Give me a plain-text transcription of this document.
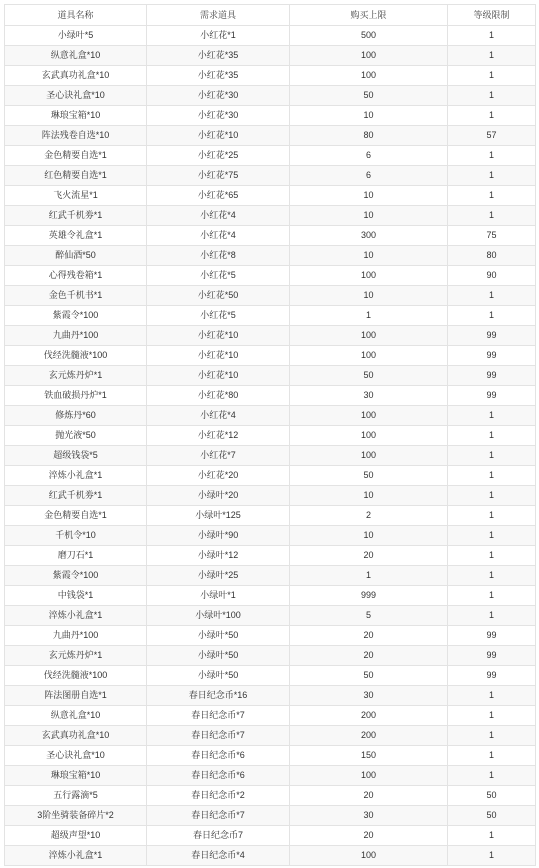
道具名称	需求道具	购买上限	等级限制
小绿叶*5	小红花*1	500	1
纵意礼盒*10	小红花*35	100	1
玄武真功礼盒*10	小红花*35	100	1
圣心诀礼盒*10	小红花*30	50	1
琳琅宝箱*10	小红花*30	10	1
阵法残卷自选*10	小红花*10	80	57
金色精要自选*1	小红花*25	6	1
红色精要自选*1	小红花*75	6	1
飞火流星*1	小红花*65	10	1
红武千机劵*1	小红花*4	10	1
英雄令礼盒*1	小红花*4	300	75
醉仙酒*50	小红花*8	10	80
心得残卷箱*1	小红花*5	100	90
金色千机书*1	小红花*50	10	1
紫霞令*100	小红花*5	1	1
九曲丹*100	小红花*10	100	99
伐经洗髓液*100	小红花*10	100	99
玄元炼丹炉*1	小红花*10	50	99
铁血破损丹炉*1	小红花*80	30	99
修炼丹*60	小红花*4	100	1
抛光液*50	小红花*12	100	1
超级钱袋*5	小红花*7	100	1
淬炼小礼盒*1	小红花*20	50	1
红武千机劵*1	小绿叶*20	10	1
金色精要自选*1	小绿叶*125	2	1
千机令*10	小绿叶*90	10	1
磨刀石*1	小绿叶*12	20	1
紫霞令*100	小绿叶*25	1	1
中钱袋*1	小绿叶*1	999	1
淬炼小礼盒*1	小绿叶*100	5	1
九曲丹*100	小绿叶*50	20	99
玄元炼丹炉*1	小绿叶*50	20	99
伐经洗髓液*100	小绿叶*50	50	99
阵法图册自选*1	春日纪念币*16	30	1
纵意礼盒*10	春日纪念币*7	200	1
玄武真功礼盒*10	春日纪念币*7	200	1
圣心诀礼盒*10	春日纪念币*6	150	1
琳琅宝箱*10	春日纪念币*6	100	1
五行露滴*5	春日纪念币*2	20	50
3阶坐骑装备碎片*2	春日纪念币*7	30	50
超级声望*10	春日纪念币7	20	1
淬炼小礼盒*1	春日纪念币*4	100	1
